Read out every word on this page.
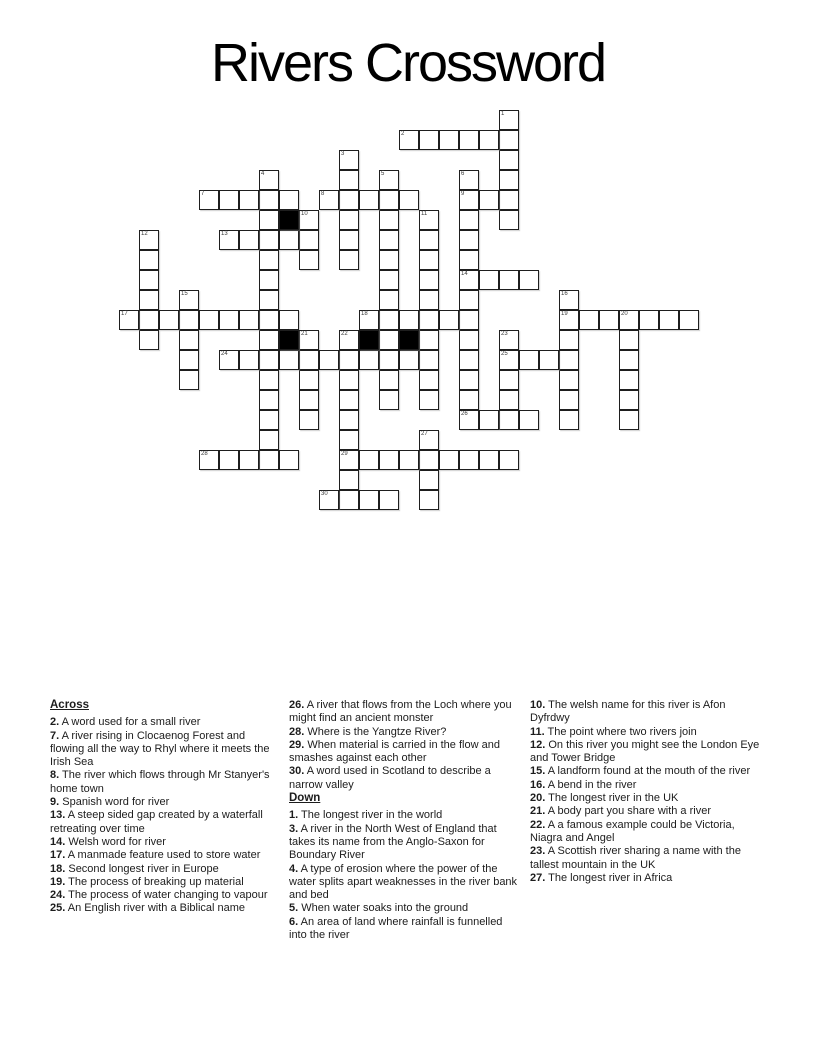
Rivers Crossword
1
2
3
4	5	6
9
14
26
7	8
10	11
12	13
15	16
19
17	18	20
21	22
29
23
25
24
27
28
30
Across
2. A word used for a small river
7. A river rising in Clocaenog Forest and flowing all the way to Rhyl where it meets the Irish Sea
8. The river which flows through Mr Stanyer's home town
9. Spanish word for river
13. A steep sided gap created by a waterfall retreating over time
14. Welsh word for river
17. A manmade feature used to store water
18. Second longest river in Europe
19. The process of breaking up material
24. The process of water changing to vapour
25. An English river with a Biblical name
26. A river that flows from the Loch where you might find an ancient monster
28. Where is the Yangtze River?
29. When material is carried in the flow and smashes against each other
30. A word used in Scotland to describe a narrow valley
Down
1. The longest river in the world
3. A river in the North West of England that takes its name from the Anglo-Saxon for Boundary River
4. A type of erosion where the power of the water splits apart weaknesses in the river bank and bed
5. When water soaks into the ground
6. An area of land where rainfall is funnelled into the river
10. The welsh name for this river is Afon Dyfrdwy
11. The point where two rivers join
12. On this river you might see the London Eye and Tower Bridge
15. A landform found at the mouth of the river
16. A bend in the river
20. The longest river in the UK
21. A body part you share with a river
22. A a famous example could be Victoria, Niagra and Angel
23. A Scottish river sharing a name with the tallest mountain in the UK
27. The longest river in Africa
